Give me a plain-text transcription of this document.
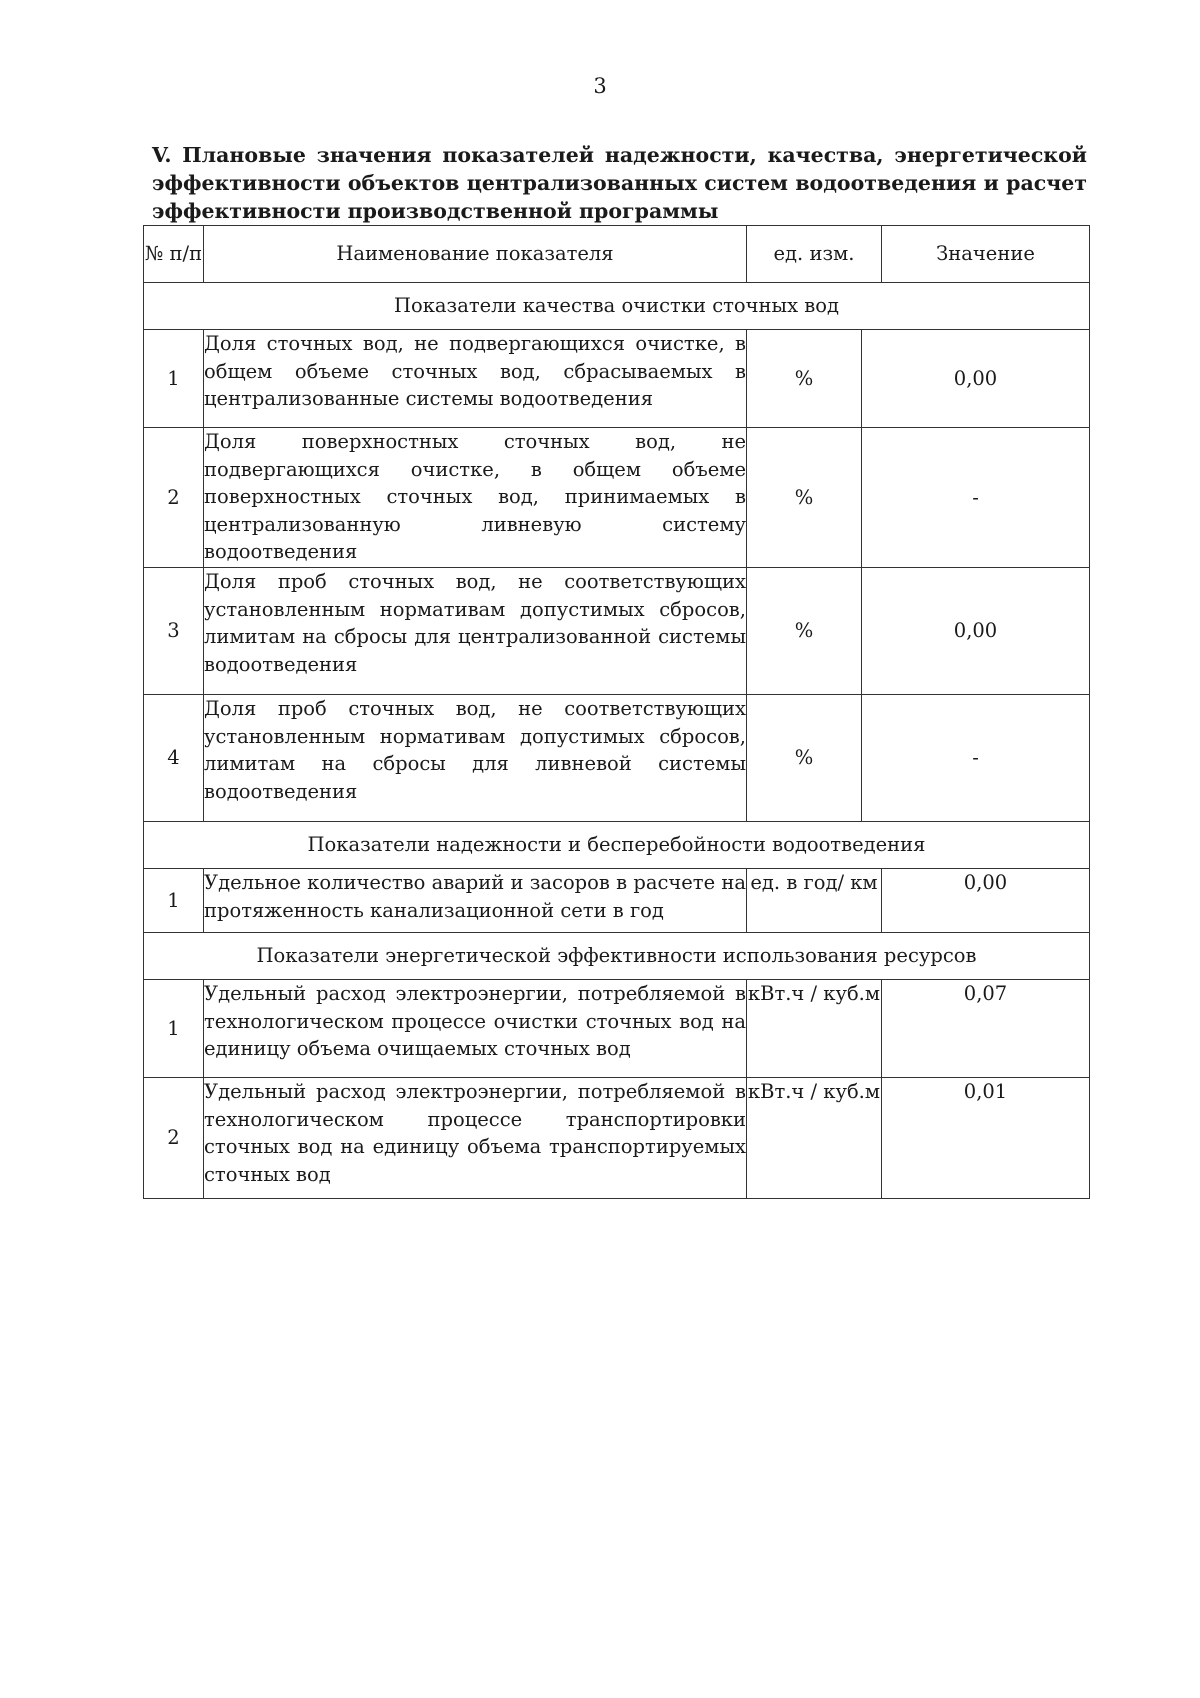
3
V. Плановые значения показателей надежности, качества, энергетической эффективности объектов централизованных систем водоотведения и расчет
эффективности производственной программы
№ п/п	Наименование показателя	ед. изм.	Значение
Показатели качества очистки сточных вод			
1	Доля сточных вод, не подвергающихся очистке, в общем объеме сточных вод, сбрасываемых в централизованные системы водоотведения	% 0,00	

2	Доля поверхностных сточных вод, не подвергающихся очистке, в общем объеме поверхностных сточных вод, принимаемых в централизованную ливневую систему водоотведения	% -	

3	Доля проб сточных вод, не соответствующих установленным нормативам допустимых сбросов, лимитам на сбросы для централизованной системы водоотведения	% 0,00	

4	Доля проб сточных вод, не соответствующих установленным нормативам допустимых сбросов, лимитам на сбросы для ливневой системы водоотведения	% -	

Показатели надежности и бесперебойности водоотведения			
1	Удельное количество аварий и засоров в расчете на протяженность канализационной сети в год	ед. в год/ км	0,00
Показатели энергетической эффективности использования ресурсов			
1	Удельный расход электроэнергии, потребляемой в технологическом процессе очистки сточных вод на единицу объема очищаемых сточных вод	кВт.ч / куб.м	0,07
2	Удельный расход электроэнергии, потребляемой в технологическом процессе транспортировки сточных вод на единицу объема транспортируемых сточных вод	кВт.ч / куб.м	0,01
